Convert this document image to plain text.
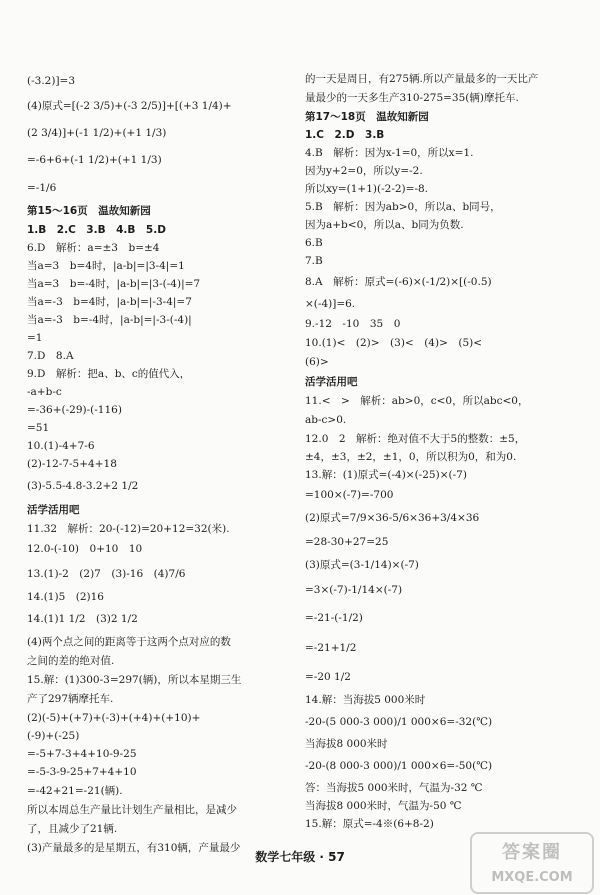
(-3.2)]=3
(4)原式=[(-2 3/5)+(-3 2/5)]+[(+3 1/4)+
(2 3/4)]+(-1 1/2)+(+1 1/3)
=-6+6+(-1 1/2)+(+1 1/3)
=-1/6
第15～16页　温故知新园
1.B　2.C　3.B　4.B　5.D
6.D　解析：a=±3　b=±4
当a=3　b=4时，|a-b|=|3-4|=1
当a=3　b=-4时，|a-b|=|3-(-4)|=7
当a=-3　b=4时，|a-b|=|-3-4|=7
当a=-3　b=-4时，|a-b|=|-3-(-4)|
=1
7.D　8.A
9.D　解析：把a、b、c的值代入，
-a+b-c
=-36+(-29)-(-116)
=51
10.(1)-4+7-6
(2)-12-7-5+4+18
(3)-5.5-4.8-3.2+2 1/2
活学活用吧
11.32　解析：20-(-12)=20+12=32(米).
12.0-(-10)　0+10　10
13.(1)-2　(2)7　(3)-16　(4)7/6
14.(1)5　(2)16
14.(1)1 1/2　(3)2 1/2
(4)两个点之间的距离等于这两个点对应的数
之间的差的绝对值.
15.解：(1)300-3=297(辆)，所以本星期三生
产了297辆摩托车.
(2)(-5)+(+7)+(-3)+(+4)+(+10)+
(-9)+(-25)
=-5+7-3+4+10-9-25
=-5-3-9-25+7+4+10
=-42+21=-21(辆).
所以本周总生产量比计划生产量相比，是减少
了，且减少了21辆.
(3)产量最多的是星期五，有310辆，产量最少
的一天是周日，有275辆.所以产量最多的一天比产
量最少的一天多生产310-275=35(辆)摩托车.
第17～18页　温故知新园
1.C　2.D　3.B
4.B　解析：因为x-1=0，所以x=1.
因为y+2=0，所以y=-2.
所以xy=(1+1)(-2-2)=-8.
5.B　解析：因为ab>0，所以a、b同号，
因为a+b<0，所以a、b同为负数.
6.B
7.B
8.A　解析：原式=(-6)×(-1/2)×[(-0.5)
×(-4)]=6.
9.-12　-10　35　0
10.(1)<　(2)>　(3)<　(4)>　(5)<
(6)>
活学活用吧
11.<　>　解析：ab>0，c<0，所以abc<0，
ab-c>0.
12.0　2　解析：绝对值不大于5的整数：±5，
±4，±3，±2，±1，0，所以积为0，和为0.
13.解：(1)原式=(-4)×(-25)×(-7)
=100×(-7)=-700
(2)原式=7/9×36-5/6×36+3/4×36
=28-30+27=25
(3)原式=(3-1/14)×(-7)
=3×(-7)-1/14×(-7)
=-21-(-1/2)
=-21+1/2
=-20 1/2
14.解：当海拔5 000米时
-20-(5 000-3 000)/1 000×6=-32(℃)
当海拔8 000米时
-20-(8 000-3 000)/1 000×6=-50(℃)
答：当海拔5 000米时，气温为-32 ℃
当海拔8 000米时，气温为-50 ℃
15.解：原式=-4※(6+8-2)
数学七年级 · 57	答案圈
MXQE.COM
